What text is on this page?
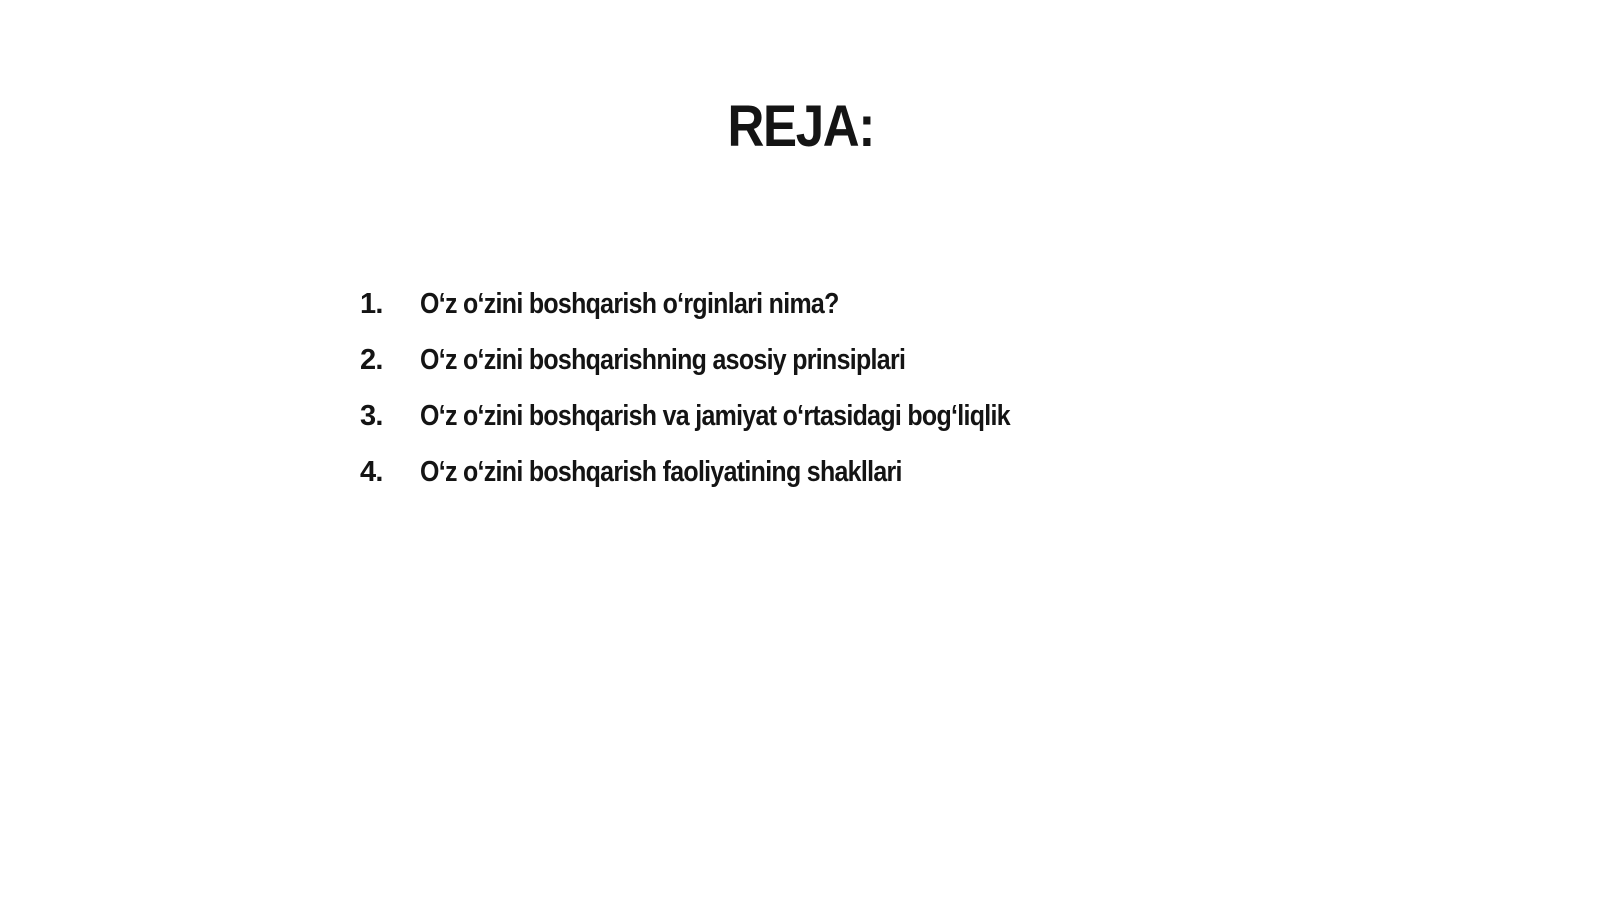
REJA:
1.	O‘z o‘zini boshqarish o‘rginlari nima?
2.	O‘z o‘zini boshqarishning asosiy prinsiplari
3.	O‘z o‘zini boshqarish va jamiyat o‘rtasidagi bog‘liqlik
4.	O‘z o‘zini boshqarish faoliyatining shakllari
